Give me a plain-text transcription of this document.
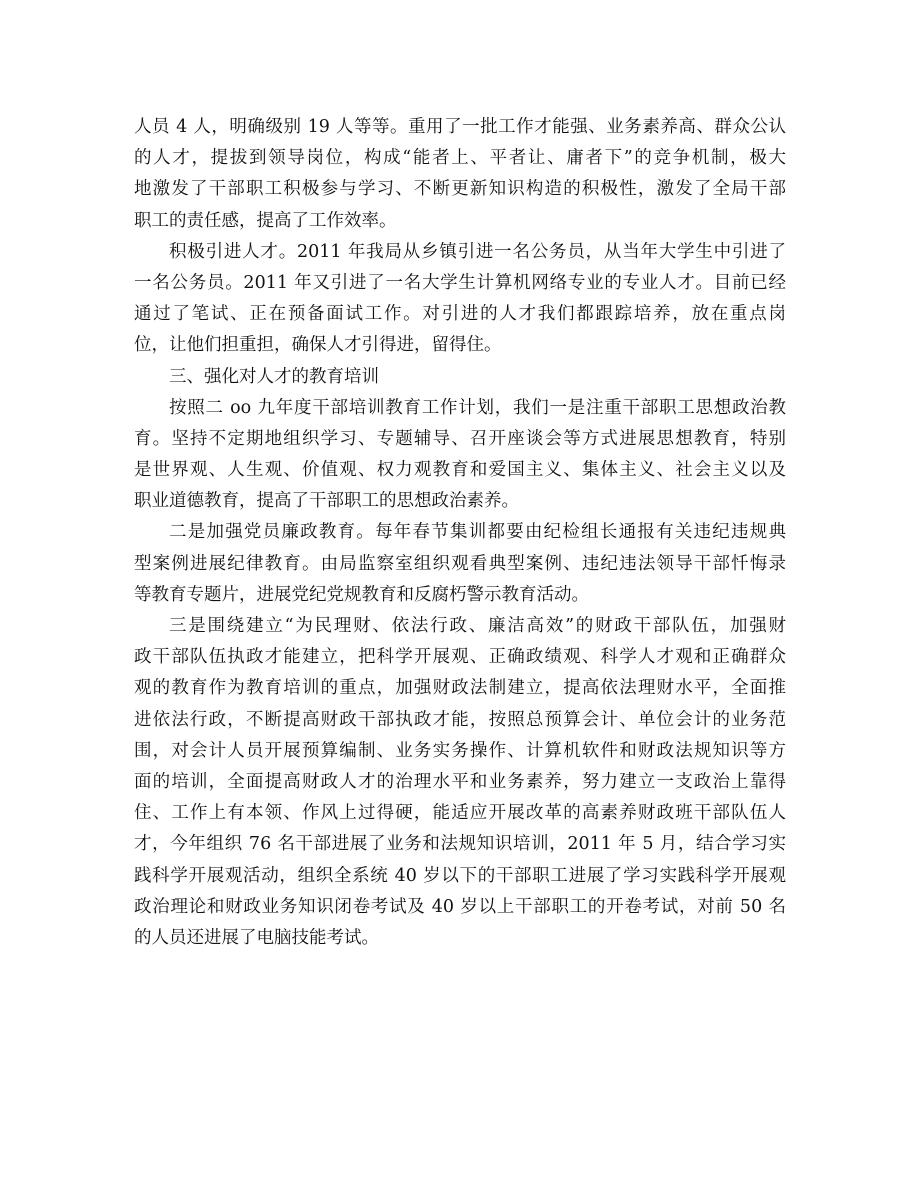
人员 4 人，明确级别 19 人等等。重用了一批工作才能强、业务素养高、群众公认
的人才，提拔到领导岗位，构成“能者上、平者让、庸者下”的竞争机制，极大
地激发了干部职工积极参与学习、不断更新知识构造的积极性，激发了全局干部
职工的责任感，提高了工作效率。
积极引进人才。2011 年我局从乡镇引进一名公务员，从当年大学生中引进了
一名公务员。2011 年又引进了一名大学生计算机网络专业的专业人才。目前已经
通过了笔试、正在预备面试工作。对引进的人才我们都跟踪培养，放在重点岗
位，让他们担重担，确保人才引得进，留得住。
三、强化对人才的教育培训
按照二 oo 九年度干部培训教育工作计划，我们一是注重干部职工思想政治教
育。坚持不定期地组织学习、专题辅导、召开座谈会等方式进展思想教育，特别
是世界观、人生观、价值观、权力观教育和爱国主义、集体主义、社会主义以及
职业道德教育，提高了干部职工的思想政治素养。
二是加强党员廉政教育。每年春节集训都要由纪检组长通报有关违纪违规典
型案例进展纪律教育。由局监察室组织观看典型案例、违纪违法领导干部忏悔录
等教育专题片，进展党纪党规教育和反腐朽警示教育活动。
三是围绕建立“为民理财、依法行政、廉洁高效”的财政干部队伍，加强财
政干部队伍执政才能建立，把科学开展观、正确政绩观、科学人才观和正确群众
观的教育作为教育培训的重点，加强财政法制建立，提高依法理财水平，全面推
进依法行政，不断提高财政干部执政才能，按照总预算会计、单位会计的业务范
围，对会计人员开展预算编制、业务实务操作、计算机软件和财政法规知识等方
面的培训，全面提高财政人才的治理水平和业务素养，努力建立一支政治上靠得
住、工作上有本领、作风上过得硬，能适应开展改革的高素养财政班干部队伍人
才，今年组织 76 名干部进展了业务和法规知识培训，2011 年 5 月，结合学习实
践科学开展观活动，组织全系统 40 岁以下的干部职工进展了学习实践科学开展观
政治理论和财政业务知识闭卷考试及 40 岁以上干部职工的开卷考试，对前 50 名
的人员还进展了电脑技能考试。
